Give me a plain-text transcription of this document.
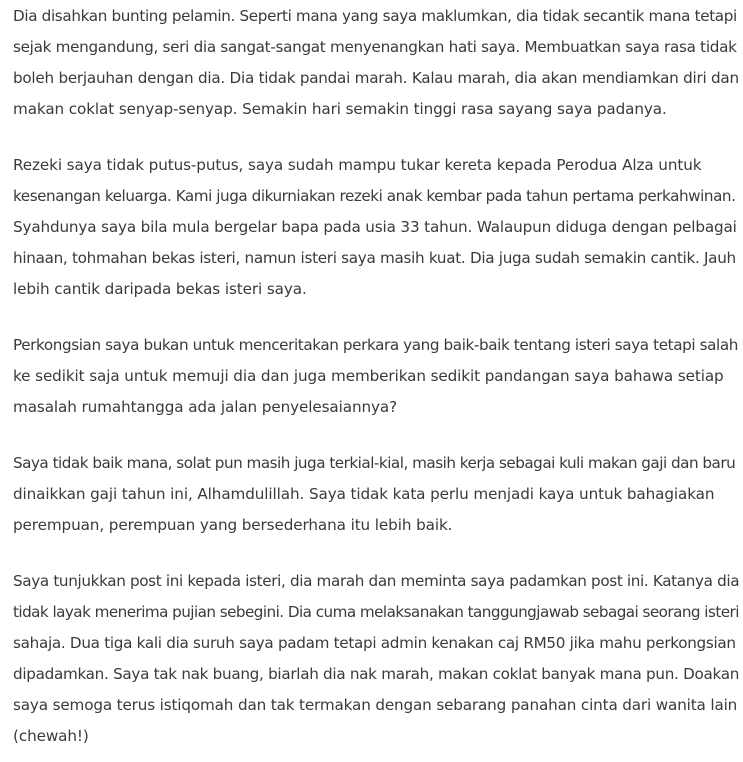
Dia disahkan bunting pelamin. Seperti mana yang saya maklumkan, dia tidak secantik mana tetapi
sejak mengandung, seri dia sangat-sangat menyenangkan hati saya. Membuatkan saya rasa tidak
boleh berjauhan dengan dia. Dia tidak pandai marah. Kalau marah, dia akan mendiamkan diri dan
makan coklat senyap-senyap. Semakin hari semakin tinggi rasa sayang saya padanya.

Rezeki saya tidak putus-putus, saya sudah mampu tukar kereta kepada Perodua Alza untuk
kesenangan keluarga. Kami juga dikurniakan rezeki anak kembar pada tahun pertama perkahwinan.
Syahdunya saya bila mula bergelar bapa pada usia 33 tahun. Walaupun diduga dengan pelbagai
hinaan, tohmahan bekas isteri, namun isteri saya masih kuat. Dia juga sudah semakin cantik. Jauh
lebih cantik daripada bekas isteri saya.

Perkongsian saya bukan untuk menceritakan perkara yang baik-baik tentang isteri saya tetapi salah
ke sedikit saja untuk memuji dia dan juga memberikan sedikit pandangan saya bahawa setiap
masalah rumahtangga ada jalan penyelesaiannya?

Saya tidak baik mana, solat pun masih juga terkial-kial, masih kerja sebagai kuli makan gaji dan baru
dinaikkan gaji tahun ini, Alhamdulillah. Saya tidak kata perlu menjadi kaya untuk bahagiakan
perempuan, perempuan yang bersederhana itu lebih baik.

Saya tunjukkan post ini kepada isteri, dia marah dan meminta saya padamkan post ini. Katanya dia
tidak layak menerima pujian sebegini. Dia cuma melaksanakan tanggungjawab sebagai seorang isteri
sahaja. Dua tiga kali dia suruh saya padam tetapi admin kenakan caj RM50 jika mahu perkongsian
dipadamkan. Saya tak nak buang, biarlah dia nak marah, makan coklat banyak mana pun. Doakan
saya semoga terus istiqomah dan tak termakan dengan sebarang panahan cinta dari wanita lain
(chewah!)
